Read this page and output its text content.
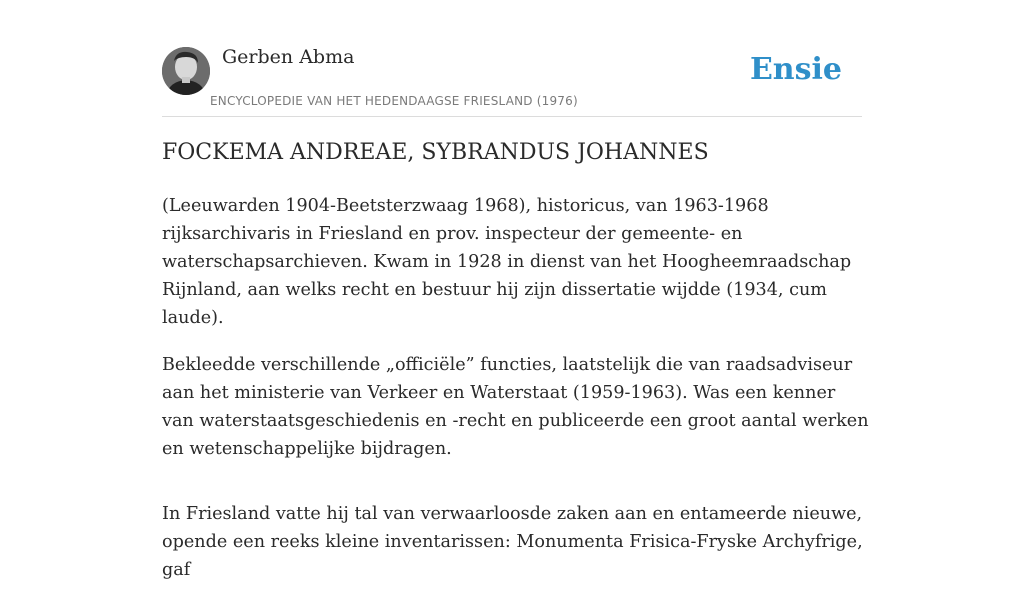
Gerben Abma
ENCYCLOPEDIE VAN HET HEDENDAAGSE FRIESLAND (1976)
Ensie
FOCKEMA ANDREAE, SYBRANDUS JOHANNES

(Leeuwarden 1904-Beetsterzwaag 1968), historicus, van 1963-1968 rijksarchivaris in Friesland en prov. inspecteur der gemeente- en waterschapsarchieven. Kwam in 1928 in dienst van het Hoogheemraadschap Rijnland, aan welks recht en bestuur hij zijn dissertatie wijdde (1934, cum laude).

Bekleedde verschillende „officiële” functies, laatstelijk die van raadsadviseur aan het ministerie van Verkeer en Waterstaat (1959-1963). Was een kenner van waterstaatsgeschiedenis en -recht en publiceerde een groot aantal werken en wetenschappelijke bijdragen.

In Friesland vatte hij tal van verwaarloosde zaken aan en entameerde nieuwe, opende een reeks kleine inventarissen: Monumenta Frisica-Fryske Archyfrige, gaf
